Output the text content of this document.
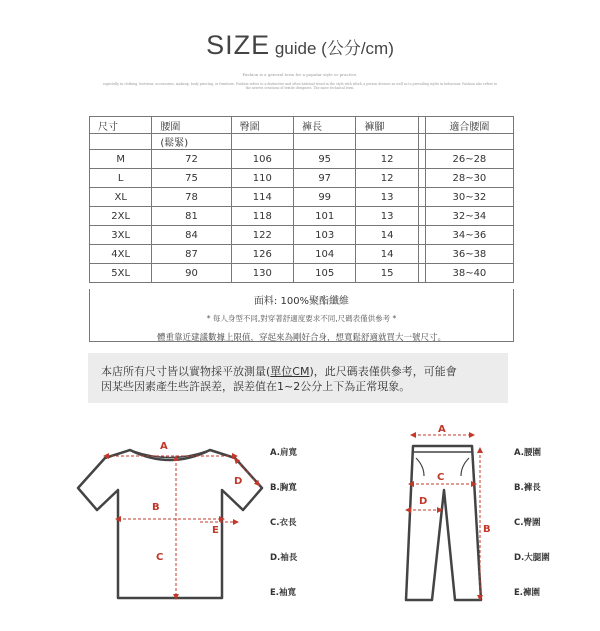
SIZE guide (公分/cm)
Fashion is a general term for a popular style or practice,
especially in clothing, footwear, accessories, makeup, body piercing, or furniture. Fashion refers to a distinctive and often habitual trend in the style with which a person dresses as well as to prevailing styles in behaviour. Fashion also refers to the newest creations of textile designers. The more technical term.
尺寸	腰圍	臀圍	褲長	褲腳		適合腰圍
	(鬆緊)					
M	72	106	95	12		26~28
L	75	110	97	12		28~30
XL	78	114	99	13		30~32
2XL	81	118	101	13		32~34
3XL	84	122	103	14		34~36
4XL	87	126	104	14		36~38
5XL	90	130	105	15		38~40
面料: 100%聚酯纖維
* 每人身型不同,對穿著舒適度要求不同,尺碼表僅供參考 *
體重靠近建議數據上限值，穿起來為剛好合身，想寬鬆舒適就買大一號尺寸。
本店所有尺寸皆以實物採平放測量(單位CM)，此尺碼表僅供參考，可能會
因某些因素產生些許誤差，誤差值在1~2公分上下為正常現象。
A
B
C
D
E
A
B
C
D
A.肩寬
B.胸寬
C.衣長
D.袖長
E.袖寬
A.腰圍
B.褲長
C.臀圍
D.大腿圍
E.褲圍
